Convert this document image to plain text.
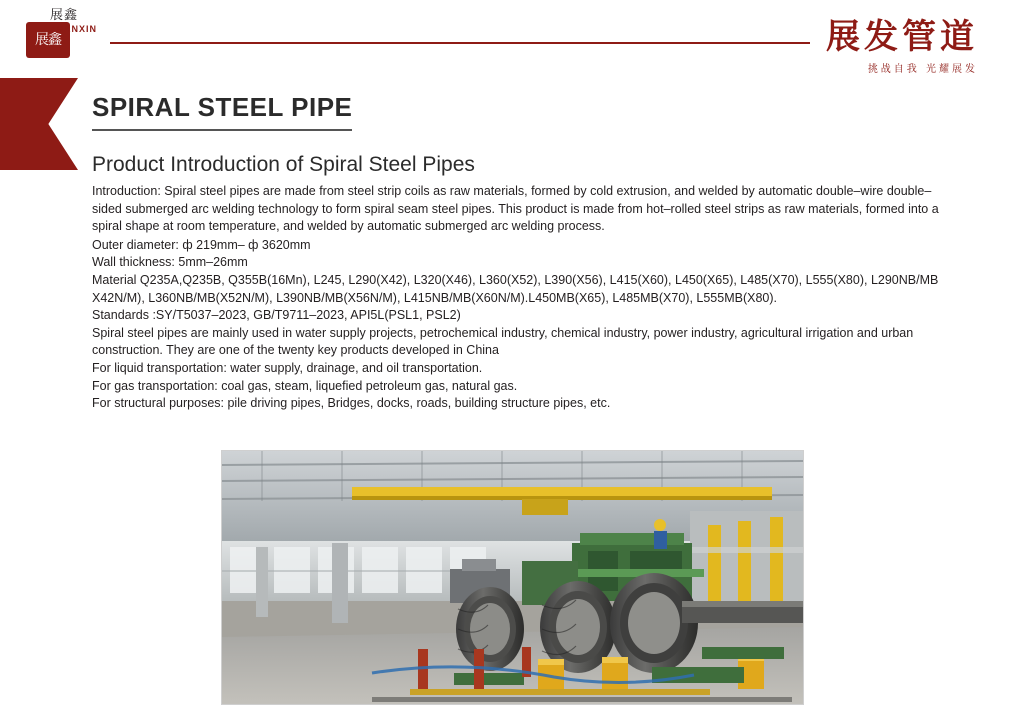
展鑫
展鑫
ZHANXIN	展发管道
挑战自我 光耀展发
SPIRAL STEEL PIPE
Product Introduction of Spiral Steel Pipes

Introduction: Spiral steel pipes are made from steel strip coils as raw materials, formed by cold extrusion, and welded by automatic double–wire double–sided submerged arc welding technology to form spiral seam steel pipes. This product is made from hot–rolled steel strips as raw materials, formed into a spiral shape at room temperature, and welded by automatic submerged arc welding process.

Outer diameter: ф 219mm– ф 3620mm

Wall thickness: 5mm–26mm

Material Q235A,Q235B, Q355B(16Mn), L245, L290(X42), L320(X46), L360(X52), L390(X56), L415(X60), L450(X65), L485(X70), L555(X80), L290NB/MB X42N/M), L360NB/MB(X52N/M), L390NB/MB(X56N/M), L415NB/MB(X60N/M).L450MB(X65), L485MB(X70), L555MB(X80).

Standards :SY/T5037–2023, GB/T9711–2023, API5L(PSL1, PSL2)

Spiral steel pipes are mainly used in water supply projects, petrochemical industry, chemical industry, power industry, agricultural irrigation and urban construction. They are one of the twenty key products developed in China

For liquid transportation: water supply, drainage, and oil transportation.

For gas transportation: coal gas, steam, liquefied petroleum gas, natural gas.

For structural purposes: pile driving pipes, Bridges, docks, roads, building structure pipes, etc.
